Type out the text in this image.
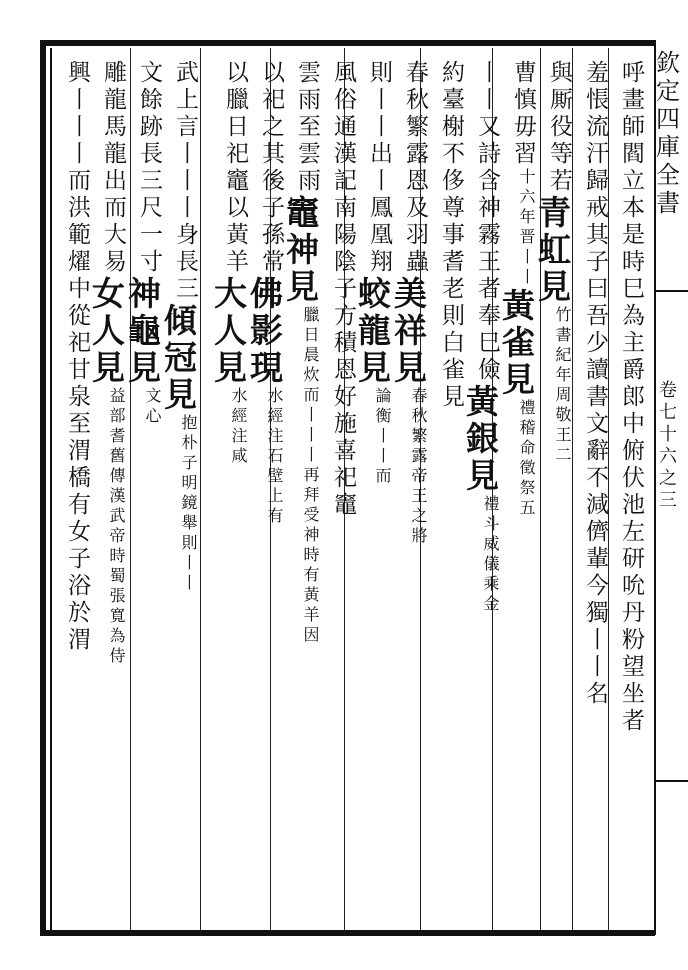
欽定四庫全書
卷七十六之三
呼畫師閻立本是時巳為主爵郎中俯伏池左研吮丹粉望坐者
羞悵流汗歸戒其子曰吾少讀書文辭不減儕輩今獨丨丨名
與厮役等若
青虹見
竹書紀年周敬王二
曹慎毋習
十六年晋丨丨
黃雀見
禮稽命徵祭五
丨丨又詩含神霧王者奉巳儉
黃銀見
禮斗威儀乘金
約臺榭不侈尊事耆老則白雀見
春秋繁露恩及羽蟲
美祥見
春秋繁露帝王之將
則丨丨出丨鳳凰翔
蛟龍見
論衡丨丨而
風俗通漢記南陽陰子方積恩好施喜祀竈
雲雨至雲雨
竈神見
臘日晨炊而丨丨丨再拜受神時有黃羊因
以祀之其後子孫常
佛影現
水經注石壁上有
以臘日祀竈以黃羊
大人見
水經注咸
武上言丨丨丨身長三
傾冠見
抱朴子明鏡舉則丨丨
文餘跡長三尺一寸
神龜見
文心
雕龍馬龍出而大易
女人見
益部耆舊傳漢武帝時蜀張寬為侍
興丨丨丨而洪範燿
中從祀甘泉至渭橋有女子浴於渭
